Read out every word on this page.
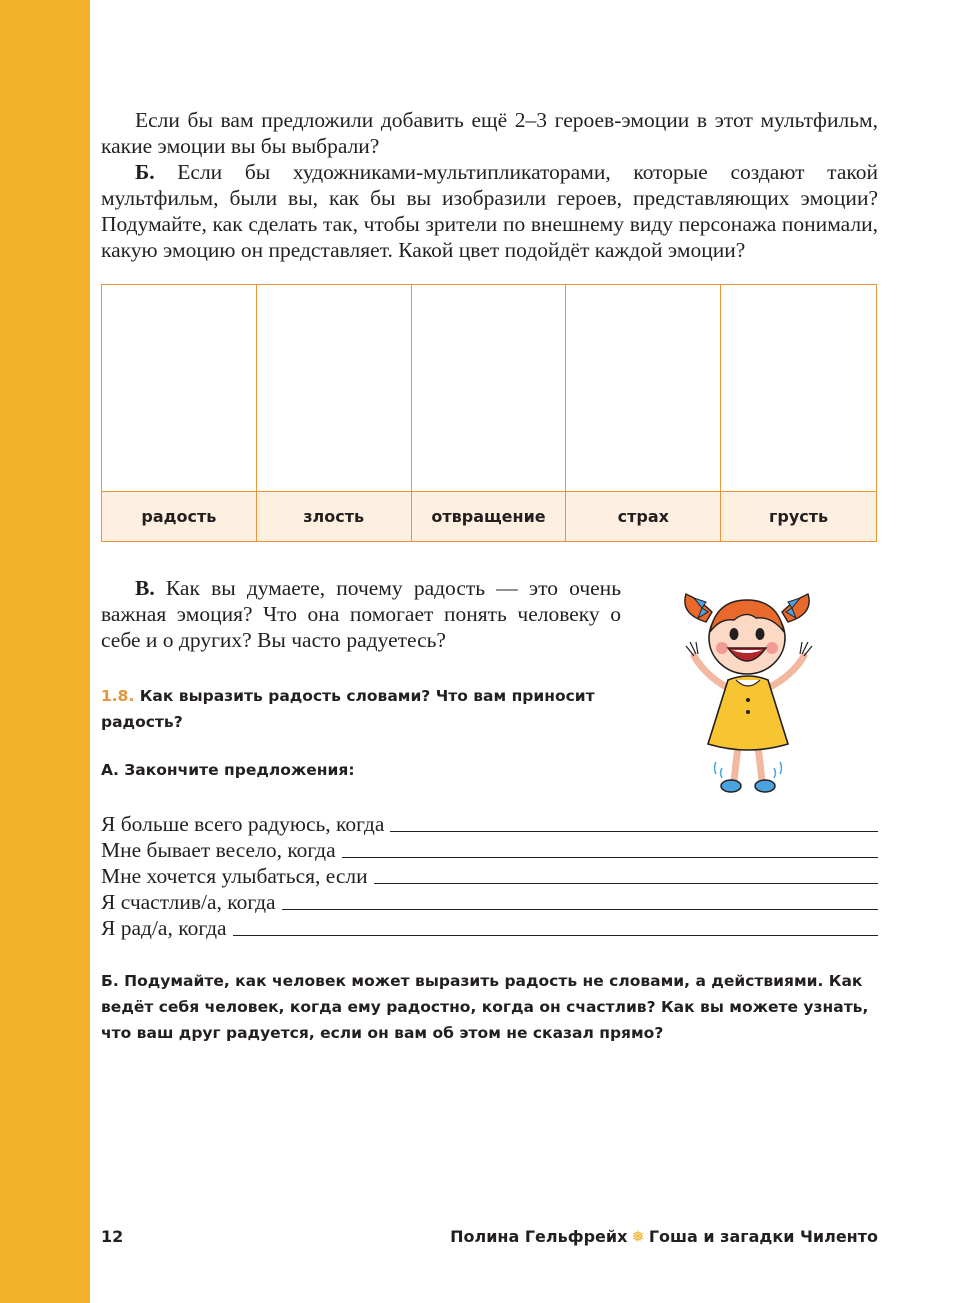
Если бы вам предложили добавить ещё 2–3 героев-эмоции в этот мультфильм, какие эмоции вы бы выбрали?

Б. Если бы художниками-мультипликаторами, которые создают такой мультфильм, были вы, как бы вы изобразили героев, представляющих эмоции? Подумайте, как сделать так, чтобы зрители по внешнему виду персонажа понимали, какую эмоцию он представляет. Какой цвет подойдёт каждой эмоции?

радость	злость	отвращение	страх	грусть

В. Как вы думаете, почему радость — это очень важная эмоция? Что она помогает понять человеку о себе и о других? Вы часто радуетесь?

1.8. Как выразить радость словами? Что вам приносит радость?

А. Закончите предложения:

Я больше всего радуюсь, когда
Мне бывает весело, когда
Мне хочется улыбаться, если
Я счастлив/а, когда
Я рад/а, когда

Б. Подумайте, как человек может выразить радость не словами, а действиями. Как ведёт себя человек, когда ему радостно, когда он счастлив? Как вы можете узнать, что ваш друг радуется, если он вам об этом не сказал прямо?

12	Полина Гельфрейх ❅ Гоша и загадки Чиленто
